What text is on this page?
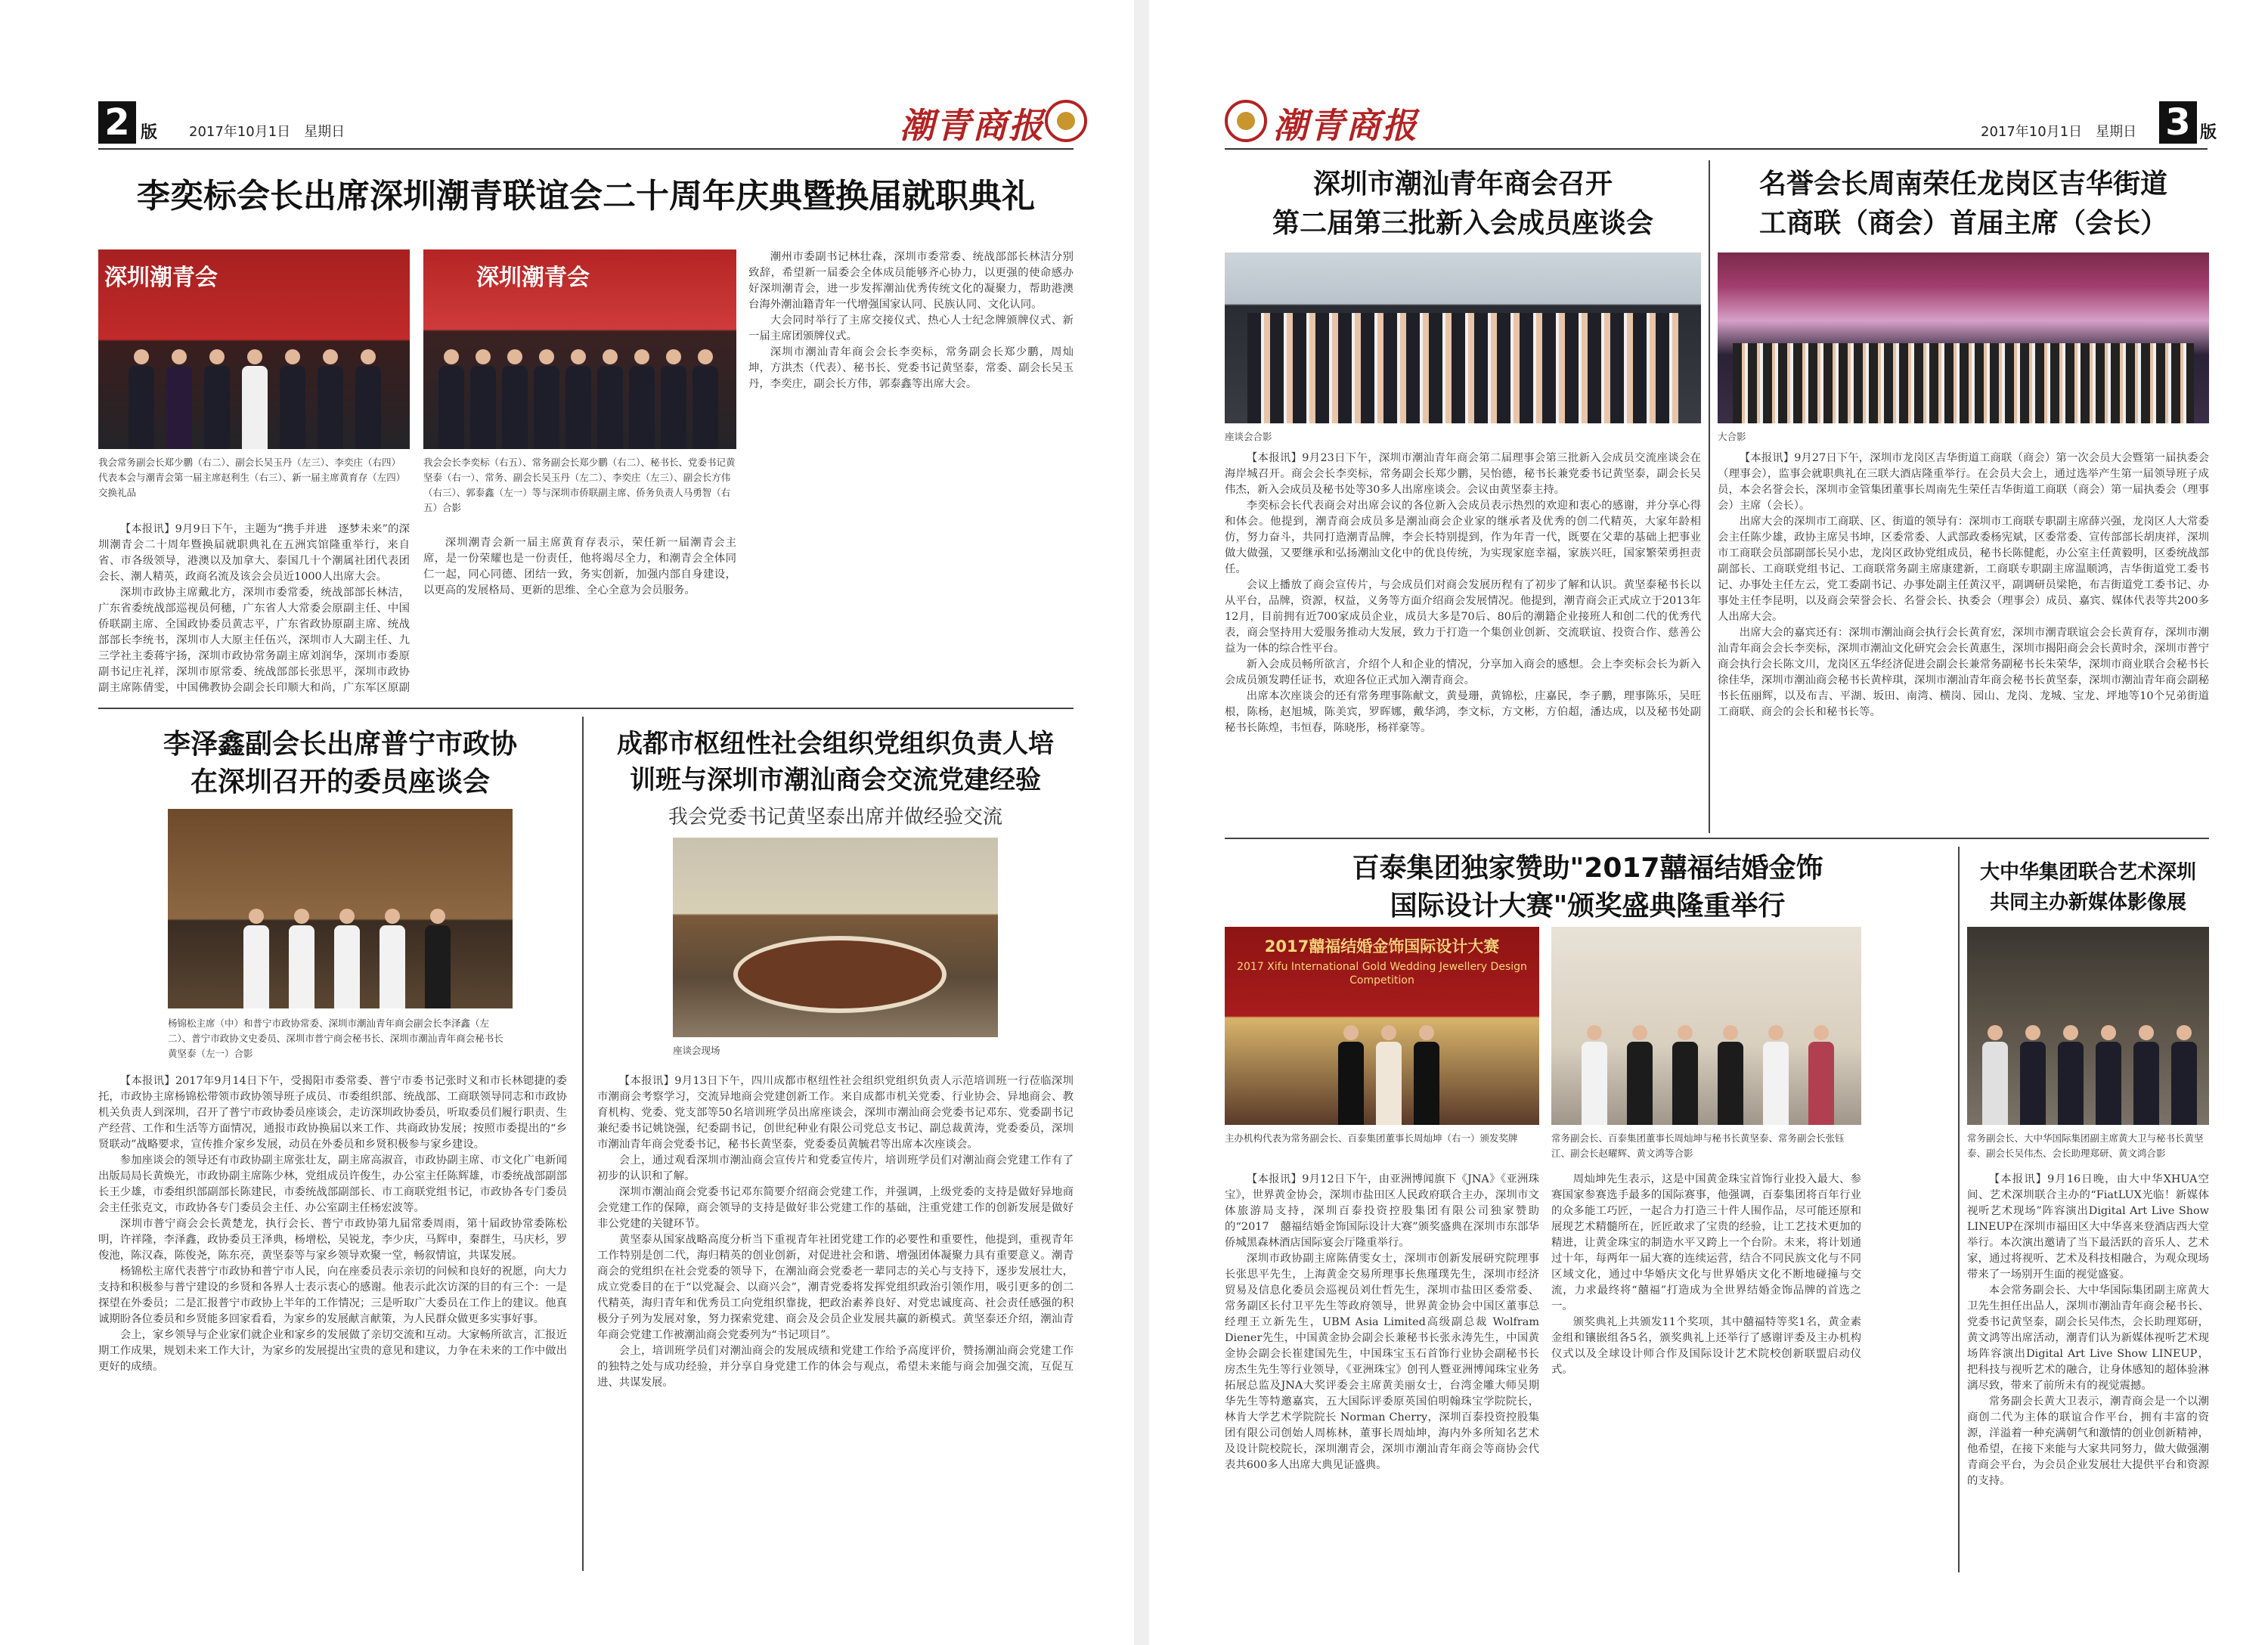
2 版 2017年10月1日　星期日	潮青商报
李奕标会长出席深圳潮青联谊会二十周年庆典暨换届就职典礼
深圳潮青会
我会常务副会长郑少鹏（右二）、副会长吴玉丹（左三）、李奕庄（右四）代表本会与潮青会第一届主席赵利生（右三）、新一届主席黄育存（左四）交换礼品
深圳潮青会
我会会长李奕标（右五）、常务副会长郑少鹏（右二）、秘书长、党委书记黄坚泰（右一）、常务、副会长吴玉丹（左二）、李奕庄（左三）、副会长方伟（右三）、郭泰鑫（左一）等与深圳市侨联副主席、侨务负责人马勇智（右五）合影

【本报讯】9月9日下午，主题为“携手并进　逐梦未来”的深圳潮青会二十周年暨换届就职典礼在五洲宾馆隆重举行，来自省、市各级领导，港澳以及加拿大、泰国几十个潮属社团代表团会长、潮人精英，政商名流及该会会员近1000人出席大会。

深圳市政协主席戴北方，深圳市委常委，统战部部长林洁，广东省委统战部巡视员何穗，广东省人大常委会原副主任、中国侨联副主席、全国政协委员黄志平，广东省政协原副主席、统战部部长李统书，深圳市人大原主任伍兴，深圳市人大副主任、九三学社主委蒋宇扬，深圳市政协常务副主席刘润华，深圳市委原副书记庄礼祥，深圳市原常委、统战部部长张思平，深圳市政协副主席陈倩雯，中国佛教协会副会长印顺大和尚，广东军区原副

深圳潮青会新一届主席黄育存表示，荣任新一届潮青会主席，是一份荣耀也是一份责任，他将竭尽全力，和潮青会全体同仁一起，同心同德、团结一致，务实创新，加强内部自身建设，以更高的发展格局、更新的思维、全心全意为会员服务。

潮州市委副书记林壮森，深圳市委常委、统战部部长林洁分别致辞，希望新一届委会全体成员能够齐心协力，以更强的使命感办好深圳潮青会，进一步发挥潮汕优秀传统文化的凝聚力，帮助港澳台海外潮汕籍青年一代增强国家认同、民族认同、文化认同。

大会同时举行了主席交接仪式、热心人士纪念牌颁牌仪式、新一届主席团颁牌仪式。

深圳市潮汕青年商会会长李奕标，常务副会长郑少鹏，周灿坤，方洪杰（代表）、秘书长、党委书记黄坚泰，常委、副会长吴玉丹，李奕庄，副会长方伟，郭泰鑫等出席大会。

李泽鑫副会长出席普宁市政协
在深圳召开的委员座谈会
杨锦松主席（中）和普宁市政协常委、深圳市潮汕青年商会副会长李泽鑫（左二）、普宁市政协文史委员、深圳市普宁商会秘书长、深圳市潮汕青年商会秘书长黄坚泰（左一）合影

【本报讯】2017年9月14日下午，受揭阳市委常委、普宁市委书记张时义和市长林锶捷的委托，市政协主席杨锦松带领市政协领导班子成员、市委组织部、统战部、工商联领导同志和市政协机关负责人到深圳，召开了普宁市政协委员座谈会，走访深圳政协委员，听取委员们履行职责、生产经营、工作和生活等方面情况，通报市政协换届以来工作、共商政协发展；按照市委提出的“乡贤联动”战略要求，宣传推介家乡发展，动员在外委员和乡贤积极参与家乡建设。

参加座谈会的领导还有市政协副主席张壮友，副主席高淑音，市政协副主席、市文化广电新闻出版局局长黄焕光，市政协副主席陈少林，党组成员许俊生，办公室主任陈辉雄，市委统战部副部长王少雄，市委组织部副部长陈建民，市委统战部副部长、市工商联党组书记，市政协各专门委员会主任张克文，市政协各专门委员会主任、办公室副主任杨宏波等。

深圳市普宁商会会长黄楚龙，执行会长、普宁市政协第九届常委周雨，第十届政协常委陈松明，许祥隆，李泽鑫，政协委员王泽典，杨增松，吴锐龙，李少庆，马辉申，秦群生，马庆杉，罗俊池，陈汉森，陈俊尧，陈东亮，黄坚泰等与家乡领导欢聚一堂，畅叙情谊，共谋发展。

杨锦松主席代表普宁市政协和普宁市人民，向在座委员表示亲切的问候和良好的祝愿，向大力支持和积极参与普宁建设的乡贤和各界人士表示衷心的感谢。他表示此次访深的目的有三个：一是探望在外委员；二是汇报普宁市政协上半年的工作情况；三是听取广大委员在工作上的建议。他真诚期盼各位委员和乡贤能多回家看看，为家乡的发展献言献策，为人民群众做更多实事好事。

会上，家乡领导与企业家们就企业和家乡的发展做了亲切交流和互动。大家畅所欲言，汇报近期工作成果，规划未来工作大计，为家乡的发展提出宝贵的意见和建议，力争在未来的工作中做出更好的成绩。

成都市枢纽性社会组织党组织负责人培
训班与深圳市潮汕商会交流党建经验
我会党委书记黄坚泰出席并做经验交流
座谈会现场

【本报讯】9月13日下午，四川成都市枢纽性社会组织党组织负责人示范培训班一行莅临深圳市潮商会考察学习，交流异地商会党建创新工作。来自成都市机关党委、行业协会、异地商会、教育机构、党委、党支部等50名培训班学员出席座谈会，深圳市潮汕商会党委书记邓东、党委副书记兼纪委书记姚饶强，纪委副书记，创世纪种业有限公司党总支书记、副总裁黄涛，党委委员，深圳市潮汕青年商会党委书记，秘书长黄坚泰，党委委员黄毓君等出席本次座谈会。

会上，通过观看深圳市潮汕商会宣传片和党委宣传片，培训班学员们对潮汕商会党建工作有了初步的认识和了解。

深圳市潮汕商会党委书记邓东简要介绍商会党建工作，并强调，上级党委的支持是做好异地商会党建工作的保障，商会领导的支持是做好非公党建工作的基础，注重党建工作的创新发展是做好非公党建的关键环节。

黄坚泰从国家战略高度分析当下重视青年社团党建工作的必要性和重要性，他提到，重视青年工作特别是创二代，海归精英的创业创新，对促进社会和谐、增强团体凝聚力具有重要意义。潮青商会的党组织在社会党委的领导下，在潮汕商会党委老一辈同志的关心与支持下，逐步发展壮大，成立党委目的在于“以党凝会、以商兴会”，潮青党委将发挥党组织政治引领作用，吸引更多的创二代精英，海归青年和优秀员工向党组织靠拢，把政治素养良好、对党忠诚度高、社会责任感强的积极分子列为发展对象，努力探索党建、商会及会员企业发展共赢的新模式。黄坚泰还介绍，潮汕青年商会党建工作被潮汕商会党委列为“书记项目”。

会上，培训班学员们对潮汕商会的发展成绩和党建工作给予高度评价，赞扬潮汕商会党建工作的独特之处与成功经验，并分享自身党建工作的体会与观点，希望未来能与商会加强交流，互促互进、共谋发展。

潮青商报	2017年10月1日　星期日 3 版
深圳市潮汕青年商会召开
第二届第三批新入会成员座谈会
座谈会合影

【本报讯】9月23日下午，深圳市潮汕青年商会第二届理事会第三批新入会成员交流座谈会在海岸城召开。商会会长李奕标，常务副会长郑少鹏，吴怡德，秘书长兼党委书记黄坚泰，副会长吴伟杰，新入会成员及秘书处等30多人出席座谈会。会议由黄坚泰主持。

李奕标会长代表商会对出席会议的各位新入会成员表示热烈的欢迎和衷心的感谢，并分享心得和体会。他提到，潮青商会成员多是潮汕商会企业家的继承者及优秀的创二代精英，大家年龄相仿，努力奋斗，共同打造潮青品牌，李会长特别提到，作为年青一代，既要在父辈的基础上把事业做大做强，又要继承和弘扬潮汕文化中的优良传统，为实现家庭幸福，家族兴旺，国家繁荣勇担责任。

会议上播放了商会宣传片，与会成员们对商会发展历程有了初步了解和认识。黄坚泰秘书长以从平台，品牌，资源，权益，义务等方面介绍商会发展情况。他提到，潮青商会正式成立于2013年12月，目前拥有近700家成员企业，成员大多是70后、80后的潮籍企业接班人和创二代的优秀代表，商会坚持用大爱服务推动大发展，致力于打造一个集创业创新、交流联谊、投资合作、慈善公益为一体的综合性平台。

新入会成员畅所欲言，介绍个人和企业的情况，分享加入商会的感想。会上李奕标会长为新入会成员颁发聘任证书，欢迎各位正式加入潮青商会。

出席本次座谈会的还有常务理事陈献文，黄曼珊，黄锦松，庄嘉民，李子鹏，理事陈乐，吴旺根，陈杨，赵旭城，陈美宾，罗晖娜，戴华鸿，李文标，方文彬，方伯超，潘达成，以及秘书处副秘书长陈煌，韦恒春，陈晓彤，杨祥豪等。

名誉会长周南荣任龙岗区吉华街道
工商联（商会）首届主席（会长）
大合影

【本报讯】9月27日下午，深圳市龙岗区吉华街道工商联（商会）第一次会员大会暨第一届执委会（理事会），监事会就职典礼在三联大酒店隆重举行。在会员大会上，通过选举产生第一届领导班子成员，本会名誉会长，深圳市金管集团董事长周南先生荣任吉华街道工商联（商会）第一届执委会（理事会）主席（会长）。

出席大会的深圳市工商联、区、街道的领导有：深圳市工商联专职副主席薛兴强，龙岗区人大常委会主任陈少雄，政协主席吴书坤，区委常委、人武部政委杨宪斌，区委常委、宣传部部长胡庚祥，深圳市工商联会员部副部长吴小忠，龙岗区政协党组成员，秘书长陈健彪，办公室主任黄毅明，区委统战部副部长、工商联党组书记、工商联常务副主席康建新，工商联专职副主席温顺鸿，吉华街道党工委书记、办事处主任左云，党工委副书记、办事处副主任黄汉平，副调研员梁艳，布吉街道党工委书记、办事处主任李昆明，以及商会荣誉会长、名誉会长、执委会（理事会）成员、嘉宾、媒体代表等共200多人出席大会。

出席大会的嘉宾还有：深圳市潮汕商会执行会长黄育宏，深圳市潮青联谊会会长黄育存，深圳市潮汕青年商会会长李奕标，深圳市潮汕文化研究会会长黄惠生，深圳市揭阳商会会长黄时余，深圳市普宁商会执行会长陈文川，龙岗区五华经济促进会副会长兼常务副秘书长朱荣华，深圳市商业联合会秘书长徐佳华，深圳市潮汕商会秘书长黄梓琪，深圳市潮汕青年商会秘书长黄坚泰，深圳市潮汕青年商会副秘书长伍丽辉，以及布吉、平湖、坂田、南湾、横岗、园山、龙岗、龙城、宝龙、坪地等10个兄弟街道工商联、商会的会长和秘书长等。

百泰集团独家赞助"2017囍福结婚金饰
国际设计大赛"颁奖盛典隆重举行
2017囍福结婚金饰国际设计大赛
2017 Xifu International Gold Wedding Jewellery Design Competition
主办机构代表为常务副会长、百泰集团董事长周灿坤（右一）颁发奖牌	常务副会长、百泰集团董事长周灿坤与秘书长黄坚泰、常务副会长张钰江、副会长赵曜辉、黄文鸿等合影

【本报讯】9月12日下午，由亚洲博闻旗下《JNA》《亚洲珠宝》，世界黄金协会，深圳市盐田区人民政府联合主办，深圳市文体旅游局支持，深圳百泰投资控股集团有限公司独家赞助的“2017　囍福结婚金饰国际设计大赛”颁奖盛典在深圳市东部华侨城黑森林酒店国际宴会厅隆重举行。

深圳市政协副主席陈倩雯女士，深圳市创新发展研究院理事长张思平先生，上海黄金交易所理事长焦瑾璞先生，深圳市经济贸易及信息化委员会巡视员刘仕哲先生，深圳市盐田区委常委、常务副区长付卫平先生等政府领导，世界黄金协会中国区董事总经理王立新先生，UBM Asia Limited高级副总裁 Wolfram Diener先生，中国黄金协会副会长兼秘书长张永涛先生，中国黄金协会副会长崔建国先生，中国珠宝玉石首饰行业协会副秘书长房杰生先生等行业领导，《亚洲珠宝》创刊人暨亚洲博闻珠宝业务拓展总监及JNA大奖评委会主席黄美丽女士，台湾金雕大师吴期华先生等特邀嘉宾，五大国际评委原英国伯明翰珠宝学院院长，林肯大学艺术学院院长 Norman Cherry，深圳百泰投资控股集团有限公司创始人周栋林，董事长周灿坤，海内外多所知名艺术及设计院校院长，深圳潮青会，深圳市潮汕青年商会等商协会代表共600多人出席大典见证盛典。

周灿坤先生表示，这是中国黄金珠宝首饰行业投入最大、参赛国家参赛选手最多的国际赛事，他强调，百泰集团将百年行业的众多能工巧匠，一起合力打造三十件人围作品，尽可能还原和展现艺术精髓所在，匠匠敢求了宝贵的经验，让工艺技术更加的精进，让黄金珠宝的制造水平又跨上一个台阶。未来，将计划通过十年，每两年一届大赛的连续运营，结合不同民族文化与不同区域文化，通过中华婚庆文化与世界婚庆文化不断地碰撞与交流，力求最终将“囍福”打造成为全世界结婚金饰品牌的首选之一。

颁奖典礼上共颁发11个奖项，其中囍福特等奖1名，黄金素金组和镶嵌组各5名，颁奖典礼上还举行了感谢评委及主办机构仪式以及全球设计师合作及国际设计艺术院校创新联盟启动仪式。

大中华集团联合艺术深圳
共同主办新媒体影像展
常务副会长、大中华国际集团副主席黄大卫与秘书长黄坚泰、副会长吴伟杰、会长助理郑研、黄文鸿合影

【本报讯】9月16日晚，由大中华XHUA空间、艺术深圳联合主办的“FiatLUX光临！新媒体视听艺术现场”阵容演出Digital Art Live Show LINEUP在深圳市福田区大中华喜来登酒店西大堂举行。本次演出邀请了当下最活跃的音乐人、艺术家，通过将视听、艺术及科技相融合，为观众现场带来了一场别开生面的视觉盛宴。

本会常务副会长、大中华国际集团副主席黄大卫先生担任出品人，深圳市潮汕青年商会秘书长、党委书记黄坚泰，副会长吴伟杰，会长助理郑研，黄文鸿等出席活动，潮青们认为新媒体视听艺术现场阵容演出Digital Art Live Show LINEUP，把科技与视听艺术的融合，让身体感知的超体验淋漓尽致，带来了前所未有的视觉震撼。

常务副会长黄大卫表示，潮青商会是一个以潮商创二代为主体的联谊合作平台，拥有丰富的资源，洋溢着一种充满朝气和激情的创业创新精神，他希望，在接下来能与大家共同努力，做大做强潮青商会平台，为会员企业发展壮大提供平台和资源的支持。
